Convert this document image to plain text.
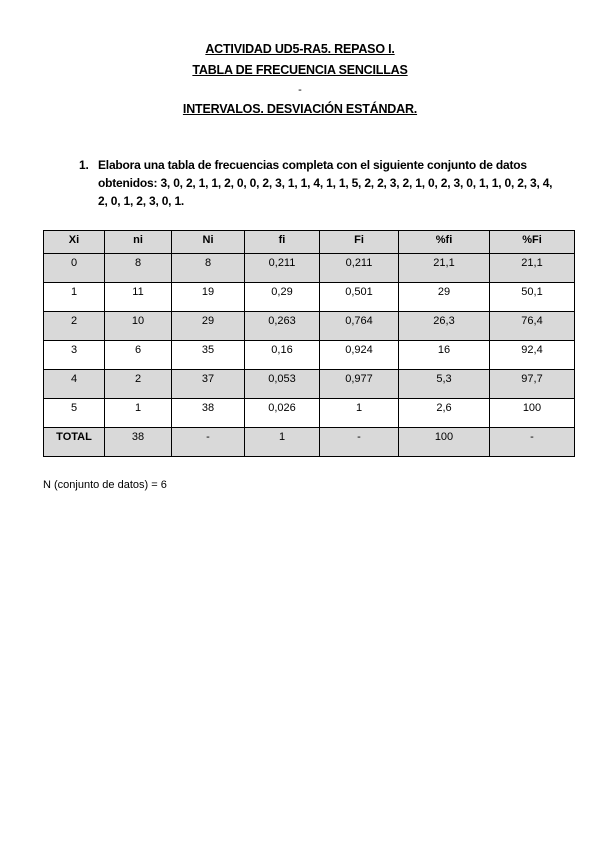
ACTIVIDAD UD5-RA5. REPASO I.
TABLA DE FRECUENCIA SENCILLAS
-
INTERVALOS. DESVIACIÓN ESTÁNDAR.
1. Elabora una tabla de frecuencias completa con el siguiente conjunto de datos obtenidos: 3, 0, 2, 1, 1, 2, 0, 0, 2, 3, 1, 1, 4, 1, 1, 5, 2, 2, 3, 2, 1, 0, 2, 3, 0, 1, 1, 0, 2, 3, 4, 2, 0, 1, 2, 3, 0, 1.
Xi	ni	Ni	fi	Fi	%fi	%Fi
0	8	8	0,211	0,211	21,1	21,1
1	11	19	0,29	0,501	29	50,1
2	10	29	0,263	0,764	26,3	76,4
3	6	35	0,16	0,924	16	92,4
4	2	37	0,053	0,977	5,3	97,7
5	1	38	0,026	1	2,6	100
TOTAL	38	-	1	-	100	-
N (conjunto de datos) = 6
